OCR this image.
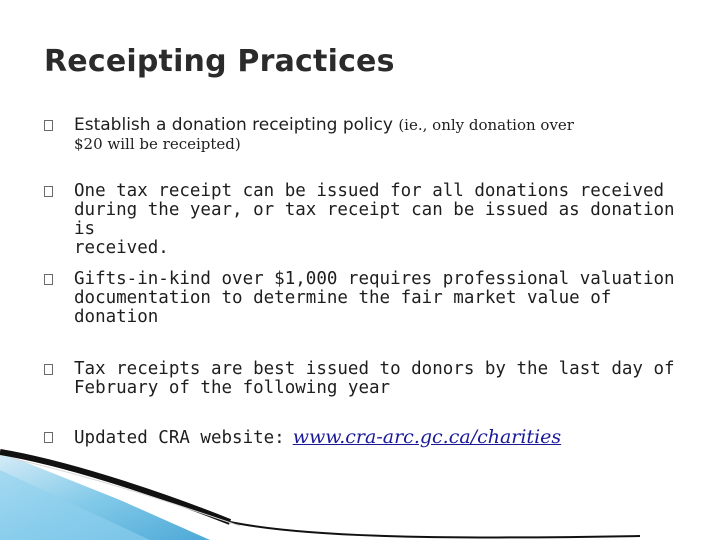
Receipting Practices
Establish a donation receipting policy (ie., only donation over
$20 will be receipted)
One tax receipt can be issued for all donations received
during the year, or tax receipt can be issued as donation is
received.
Gifts-in-kind over $1,000 requires professional valuation
documentation to determine the fair market value of
donation
Tax receipts are best issued to donors by the last day of
February of the following year
Updated CRA website: www.cra-arc.gc.ca/charities
